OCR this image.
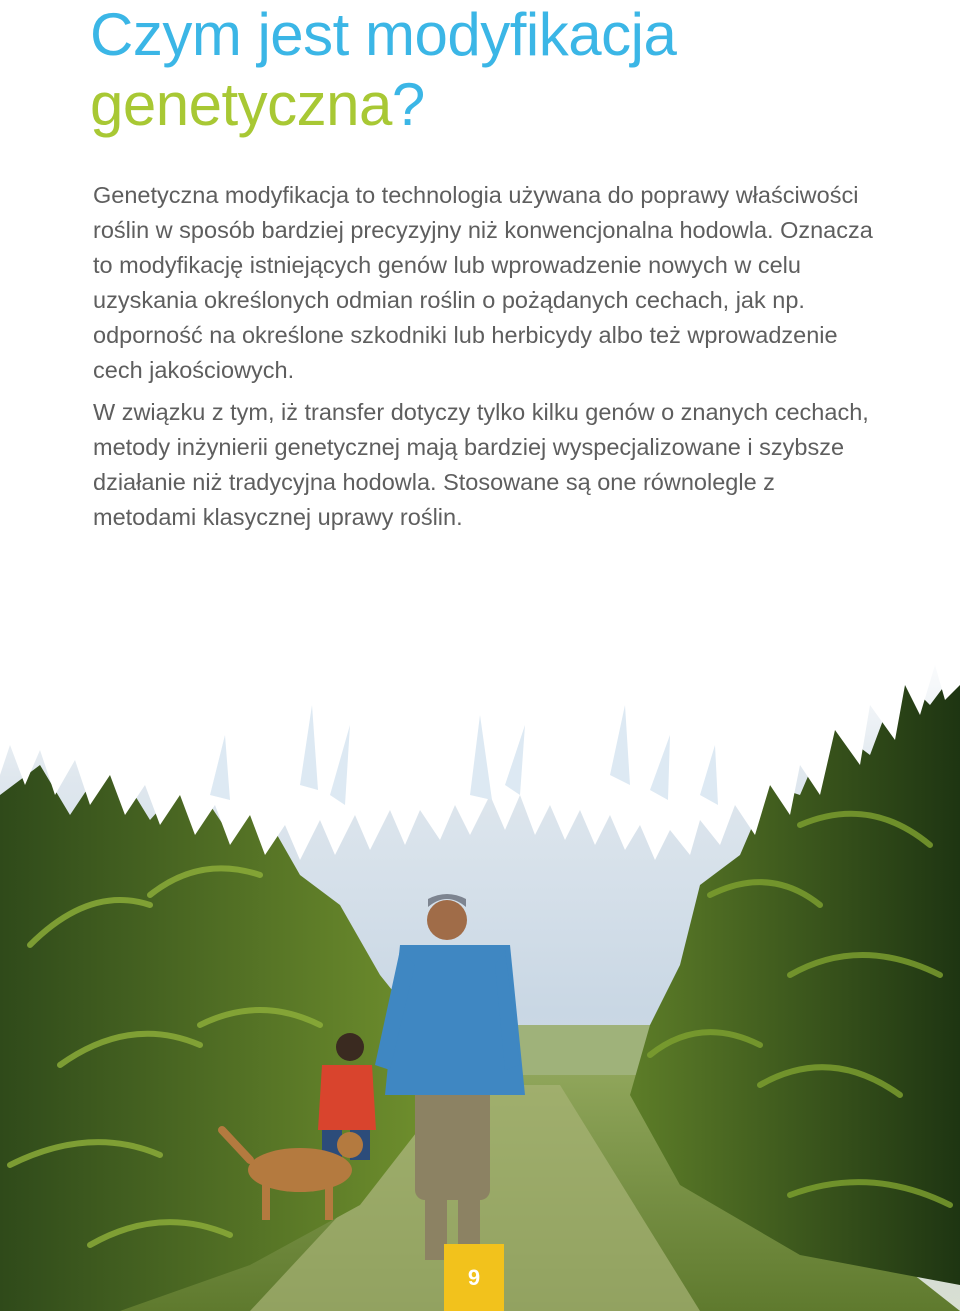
Czym jest modyfikacja
genetyczna?

Genetyczna modyfikacja to technologia używana do poprawy właściwości roślin w sposób bardziej precyzyjny niż konwencjonalna hodowla. Oznacza to modyfikację istniejących genów lub wprowadzenie nowych w celu uzyskania określonych odmian roślin o pożądanych cechach, jak np. odporność na określone szkodniki lub herbicydy albo też wprowadzenie cech jakościowych.

W związku z tym, iż transfer dotyczy tylko kilku genów o znanych cechach, metody inżynierii genetycznej mają bardziej wyspecjalizowane i szybsze działanie niż tradycyjna hodowla. Stosowane są one równolegle z metodami klasycznej uprawy roślin.

9
